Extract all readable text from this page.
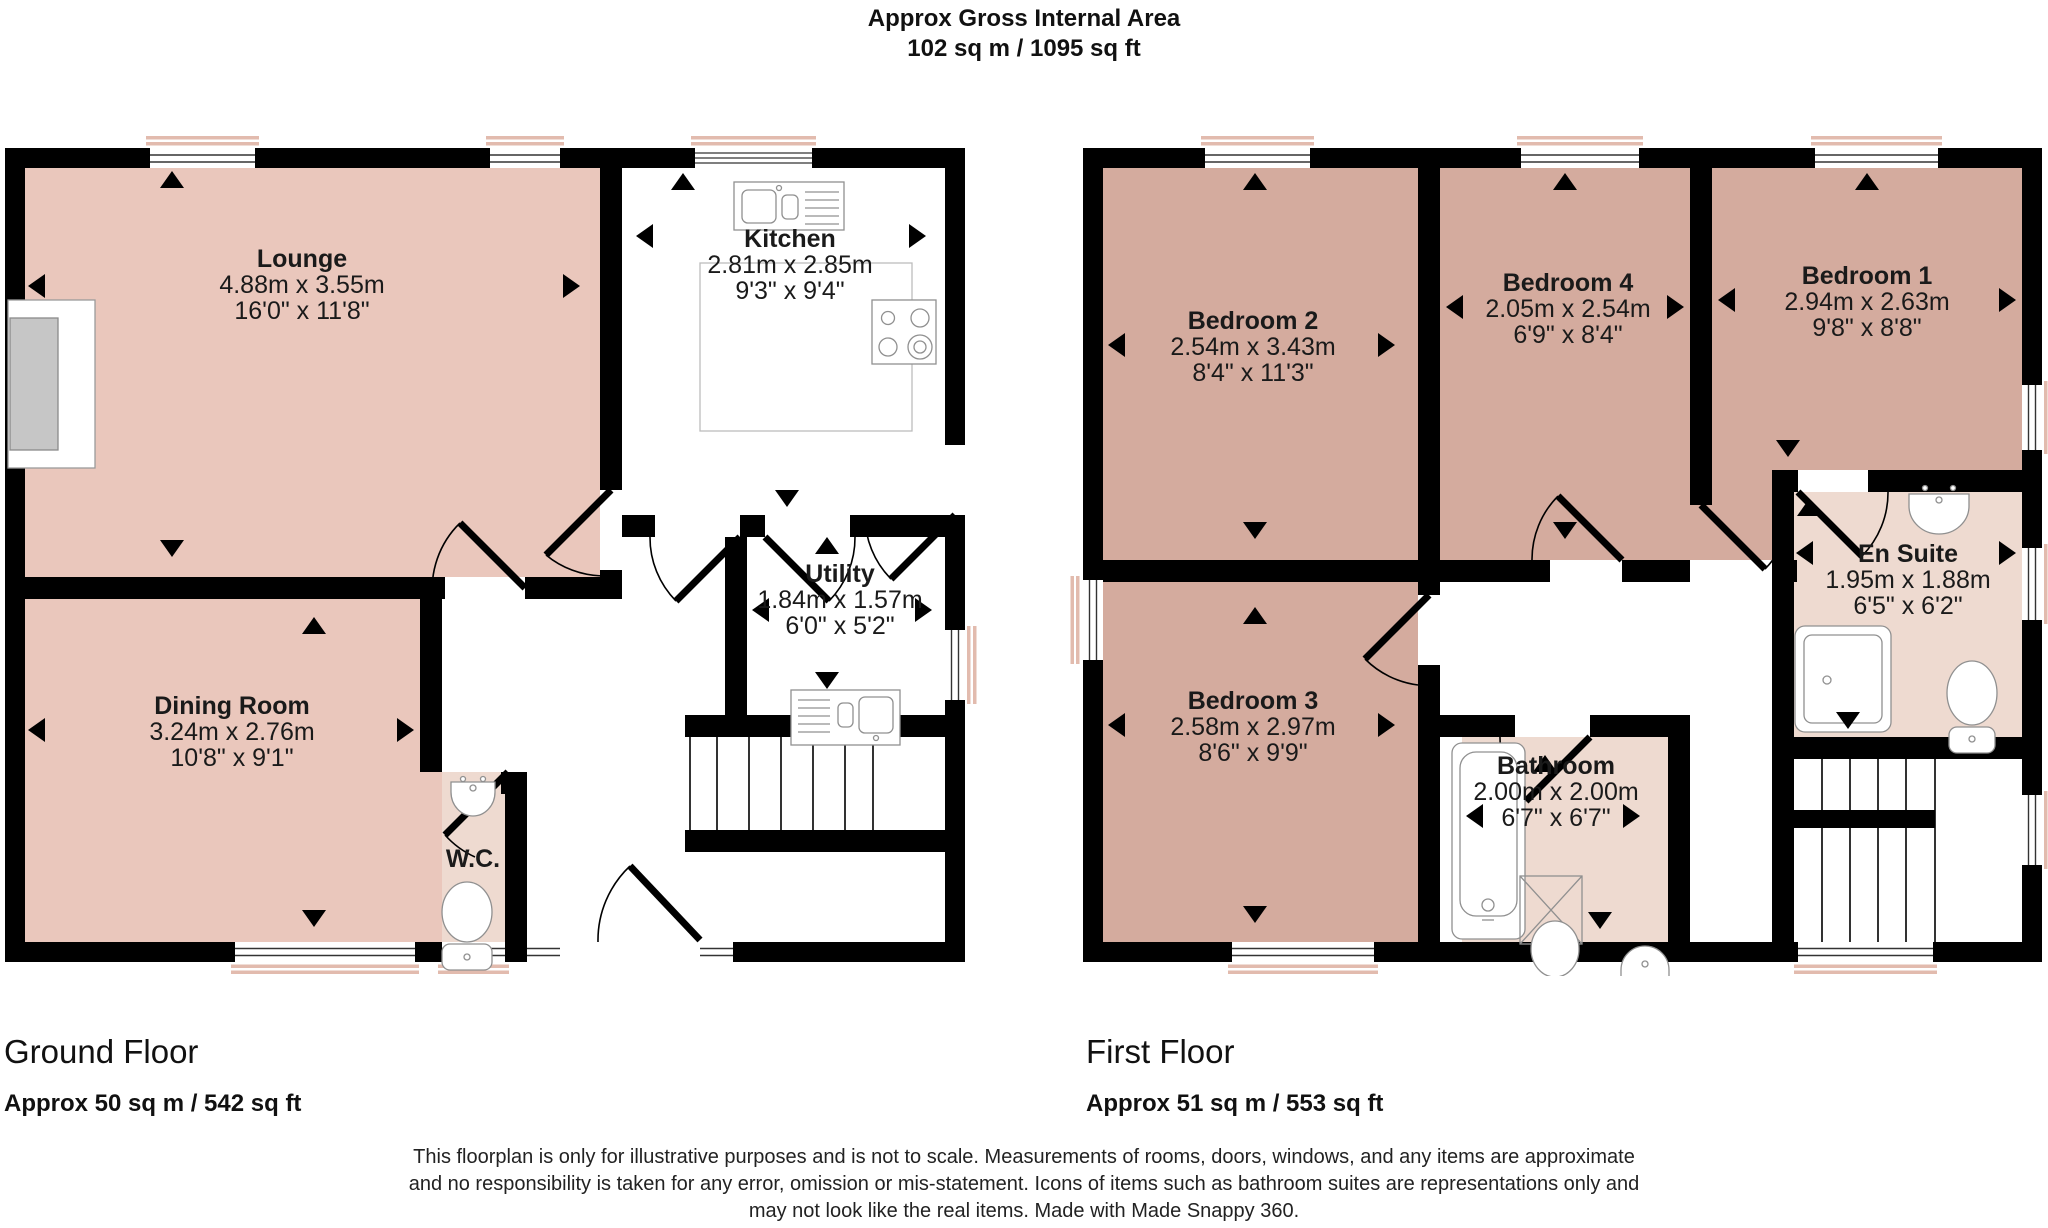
Approx Gross Internal Area
102 sq m / 1095 sq ft
Lounge
4.88m x 3.55m
16'0" x 11'8"
Kitchen
2.81m x 2.85m
9'3" x 9'4"
Utility
1.84m x 1.57m
6'0" x 5'2"
Dining Room
3.24m x 2.76m
10'8" x 9'1"
W.C.
Bedroom 2
2.54m x 3.43m
8'4" x 11'3"
Bedroom 4
2.05m x 2.54m
6'9" x 8'4"
Bedroom 1
2.94m x 2.63m
9'8" x 8'8"
Bedroom 3
2.58m x 2.97m
8'6" x 9'9"	Bathroom
2.00m x 2.00m
6'7" x 6'7"
En Suite
1.95m x 1.88m
6'5" x 6'2"
Ground Floor
Approx 50 sq m / 542 sq ft
First Floor
Approx 51 sq m / 553 sq ft
This floorplan is only for illustrative purposes and is not to scale. Measurements of rooms, doors, windows, and any items are approximate
and no responsibility is taken for any error, omission or mis-statement. Icons of items such as bathroom suites are representations only and
may not look like the real items. Made with Made Snappy 360.
